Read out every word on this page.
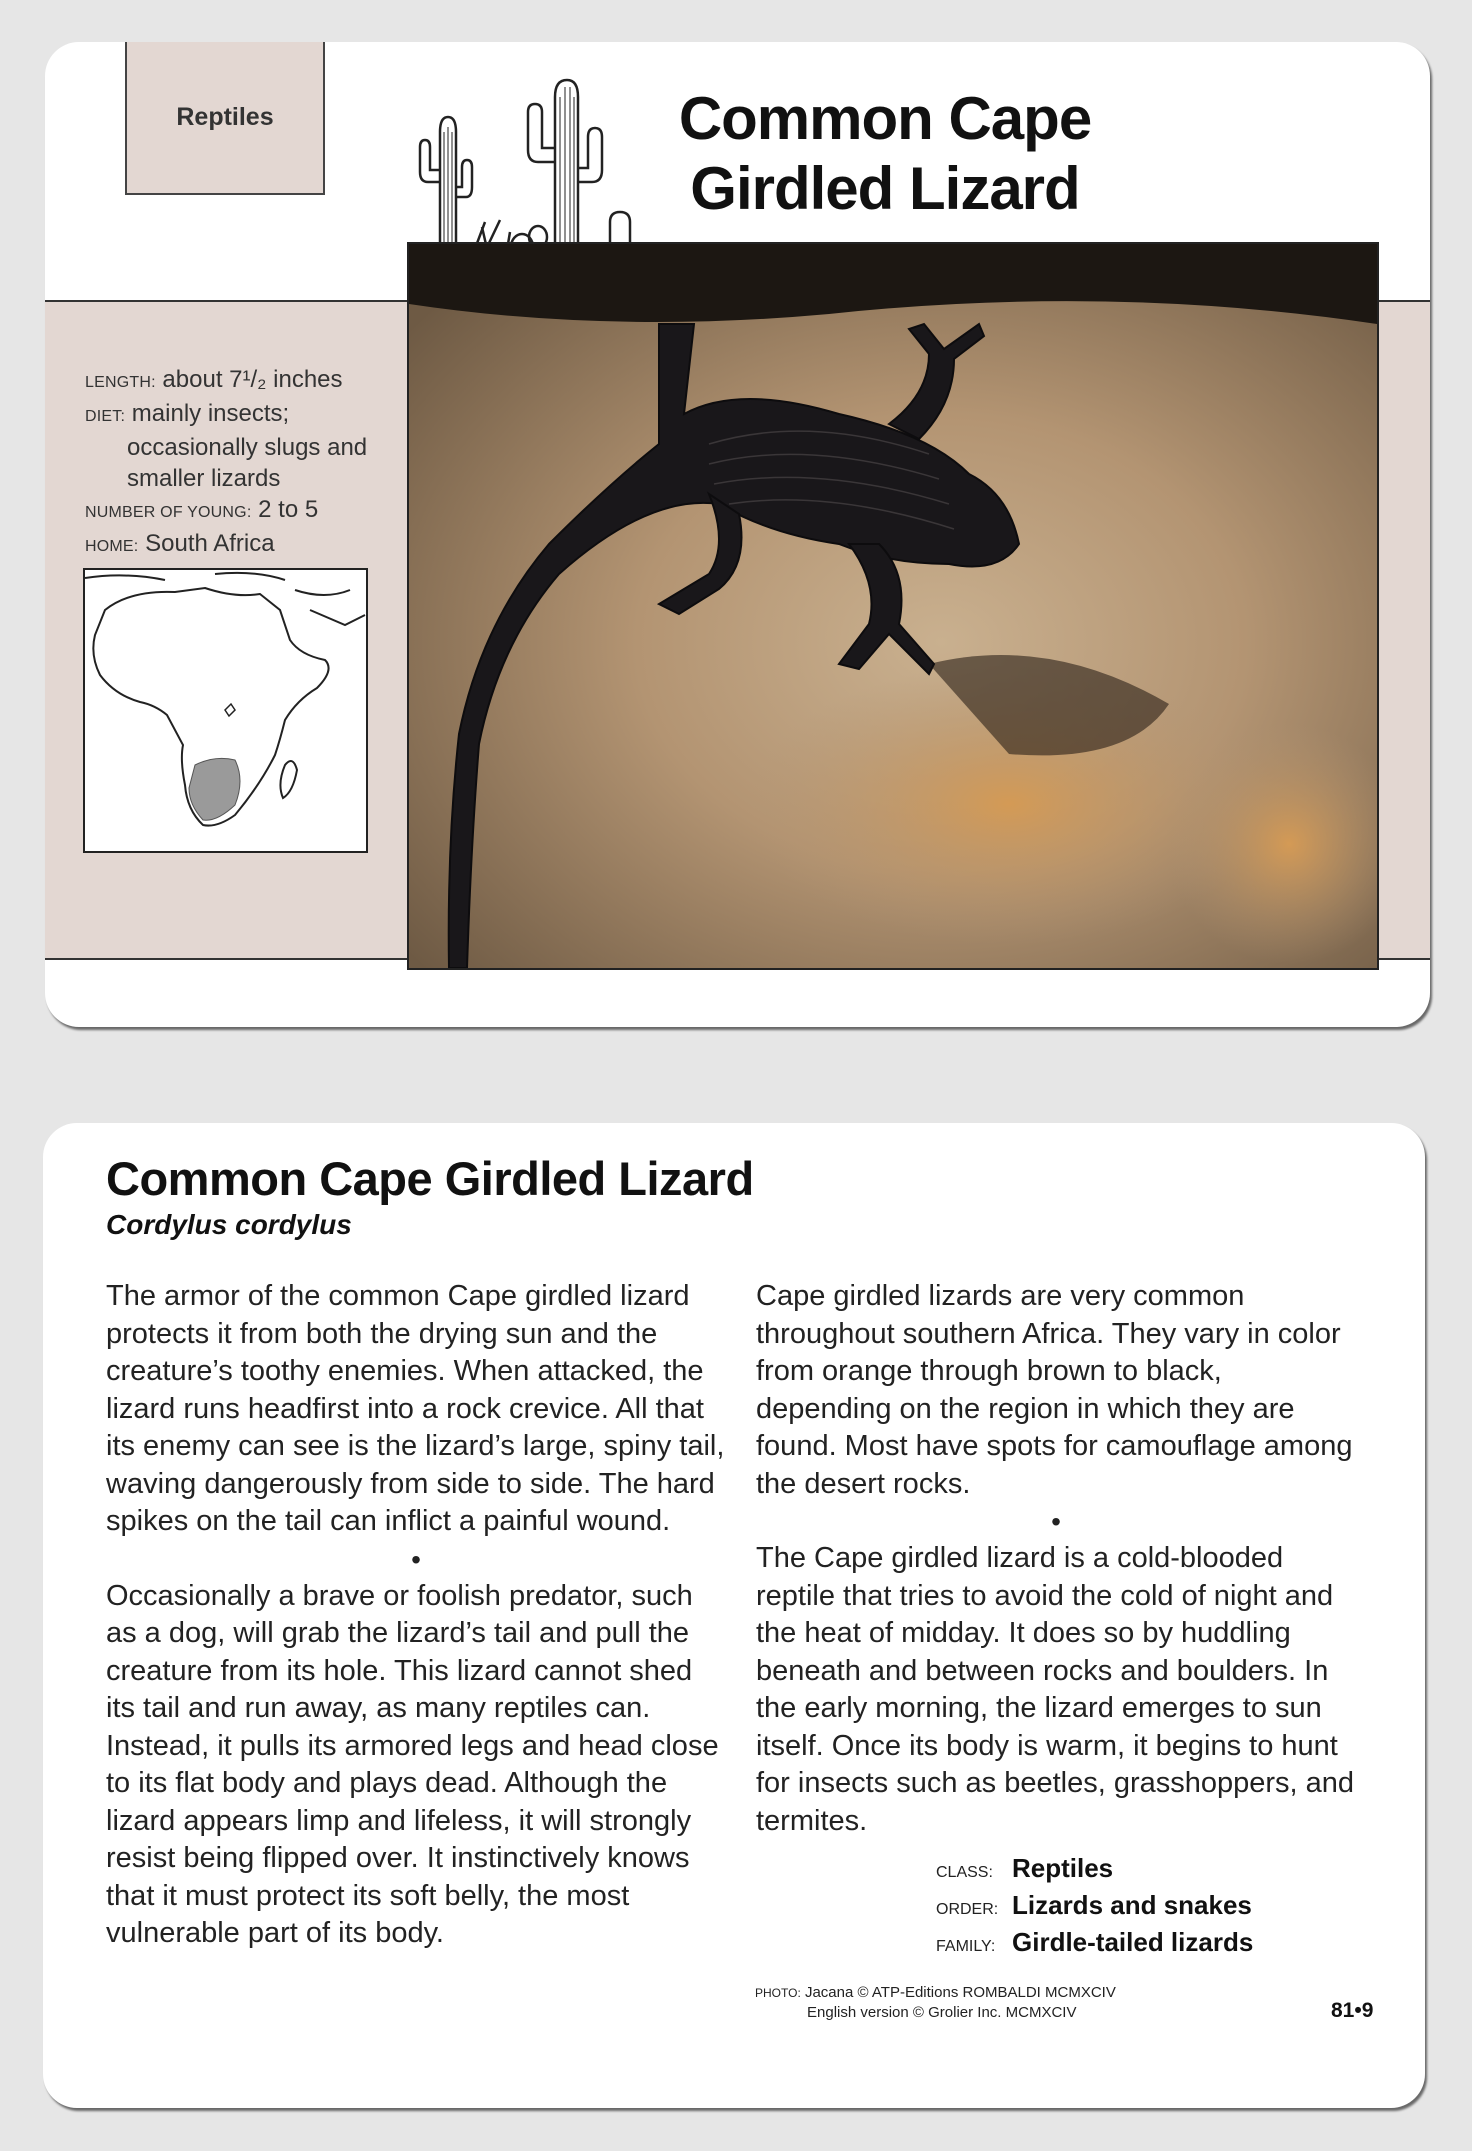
Reptiles	Common Cape
Girdled Lizard
LENGTH: about 7¹/₂ inches
DIET: mainly insects;
occasionally slugs and
smaller lizards
NUMBER OF YOUNG: 2 to 5
HOME: South Africa
Common Cape Girdled Lizard
Cordylus cordylus

The armor of the common Cape girdled lizard protects it from both the drying sun and the creature’s toothy enemies. When attacked, the lizard runs headfirst into a rock crevice. All that its enemy can see is the lizard’s large, spiny tail, waving dangerously from side to side. The hard spikes on the tail can inflict a painful wound.

•

Occasionally a brave or foolish predator, such as a dog, will grab the lizard’s tail and pull the creature from its hole. This lizard cannot shed its tail and run away, as many reptiles can. Instead, it pulls its armored legs and head close to its flat body and plays dead. Although the lizard appears limp and lifeless, it will strongly resist being flipped over. It instinctively knows that it must protect its soft belly, the most vulnerable part of its body.

Cape girdled lizards are very common throughout southern Africa. They vary in color from orange through brown to black, depending on the region in which they are found. Most have spots for camouflage among the desert rocks.

•

The Cape girdled lizard is a cold-blooded reptile that tries to avoid the cold of night and the heat of midday. It does so by huddling beneath and between rocks and boulders. In the early morning, the lizard emerges to sun itself. Once its body is warm, it begins to hunt for insects such as beetles, grasshoppers, and termites.

CLASS: Reptiles
ORDER: Lizards and snakes
FAMILY: Girdle-tailed lizards
PHOTO: Jacana © ATP-Editions ROMBALDI MCMXCIV
English version © Grolier Inc. MCMXCIV	81•9
